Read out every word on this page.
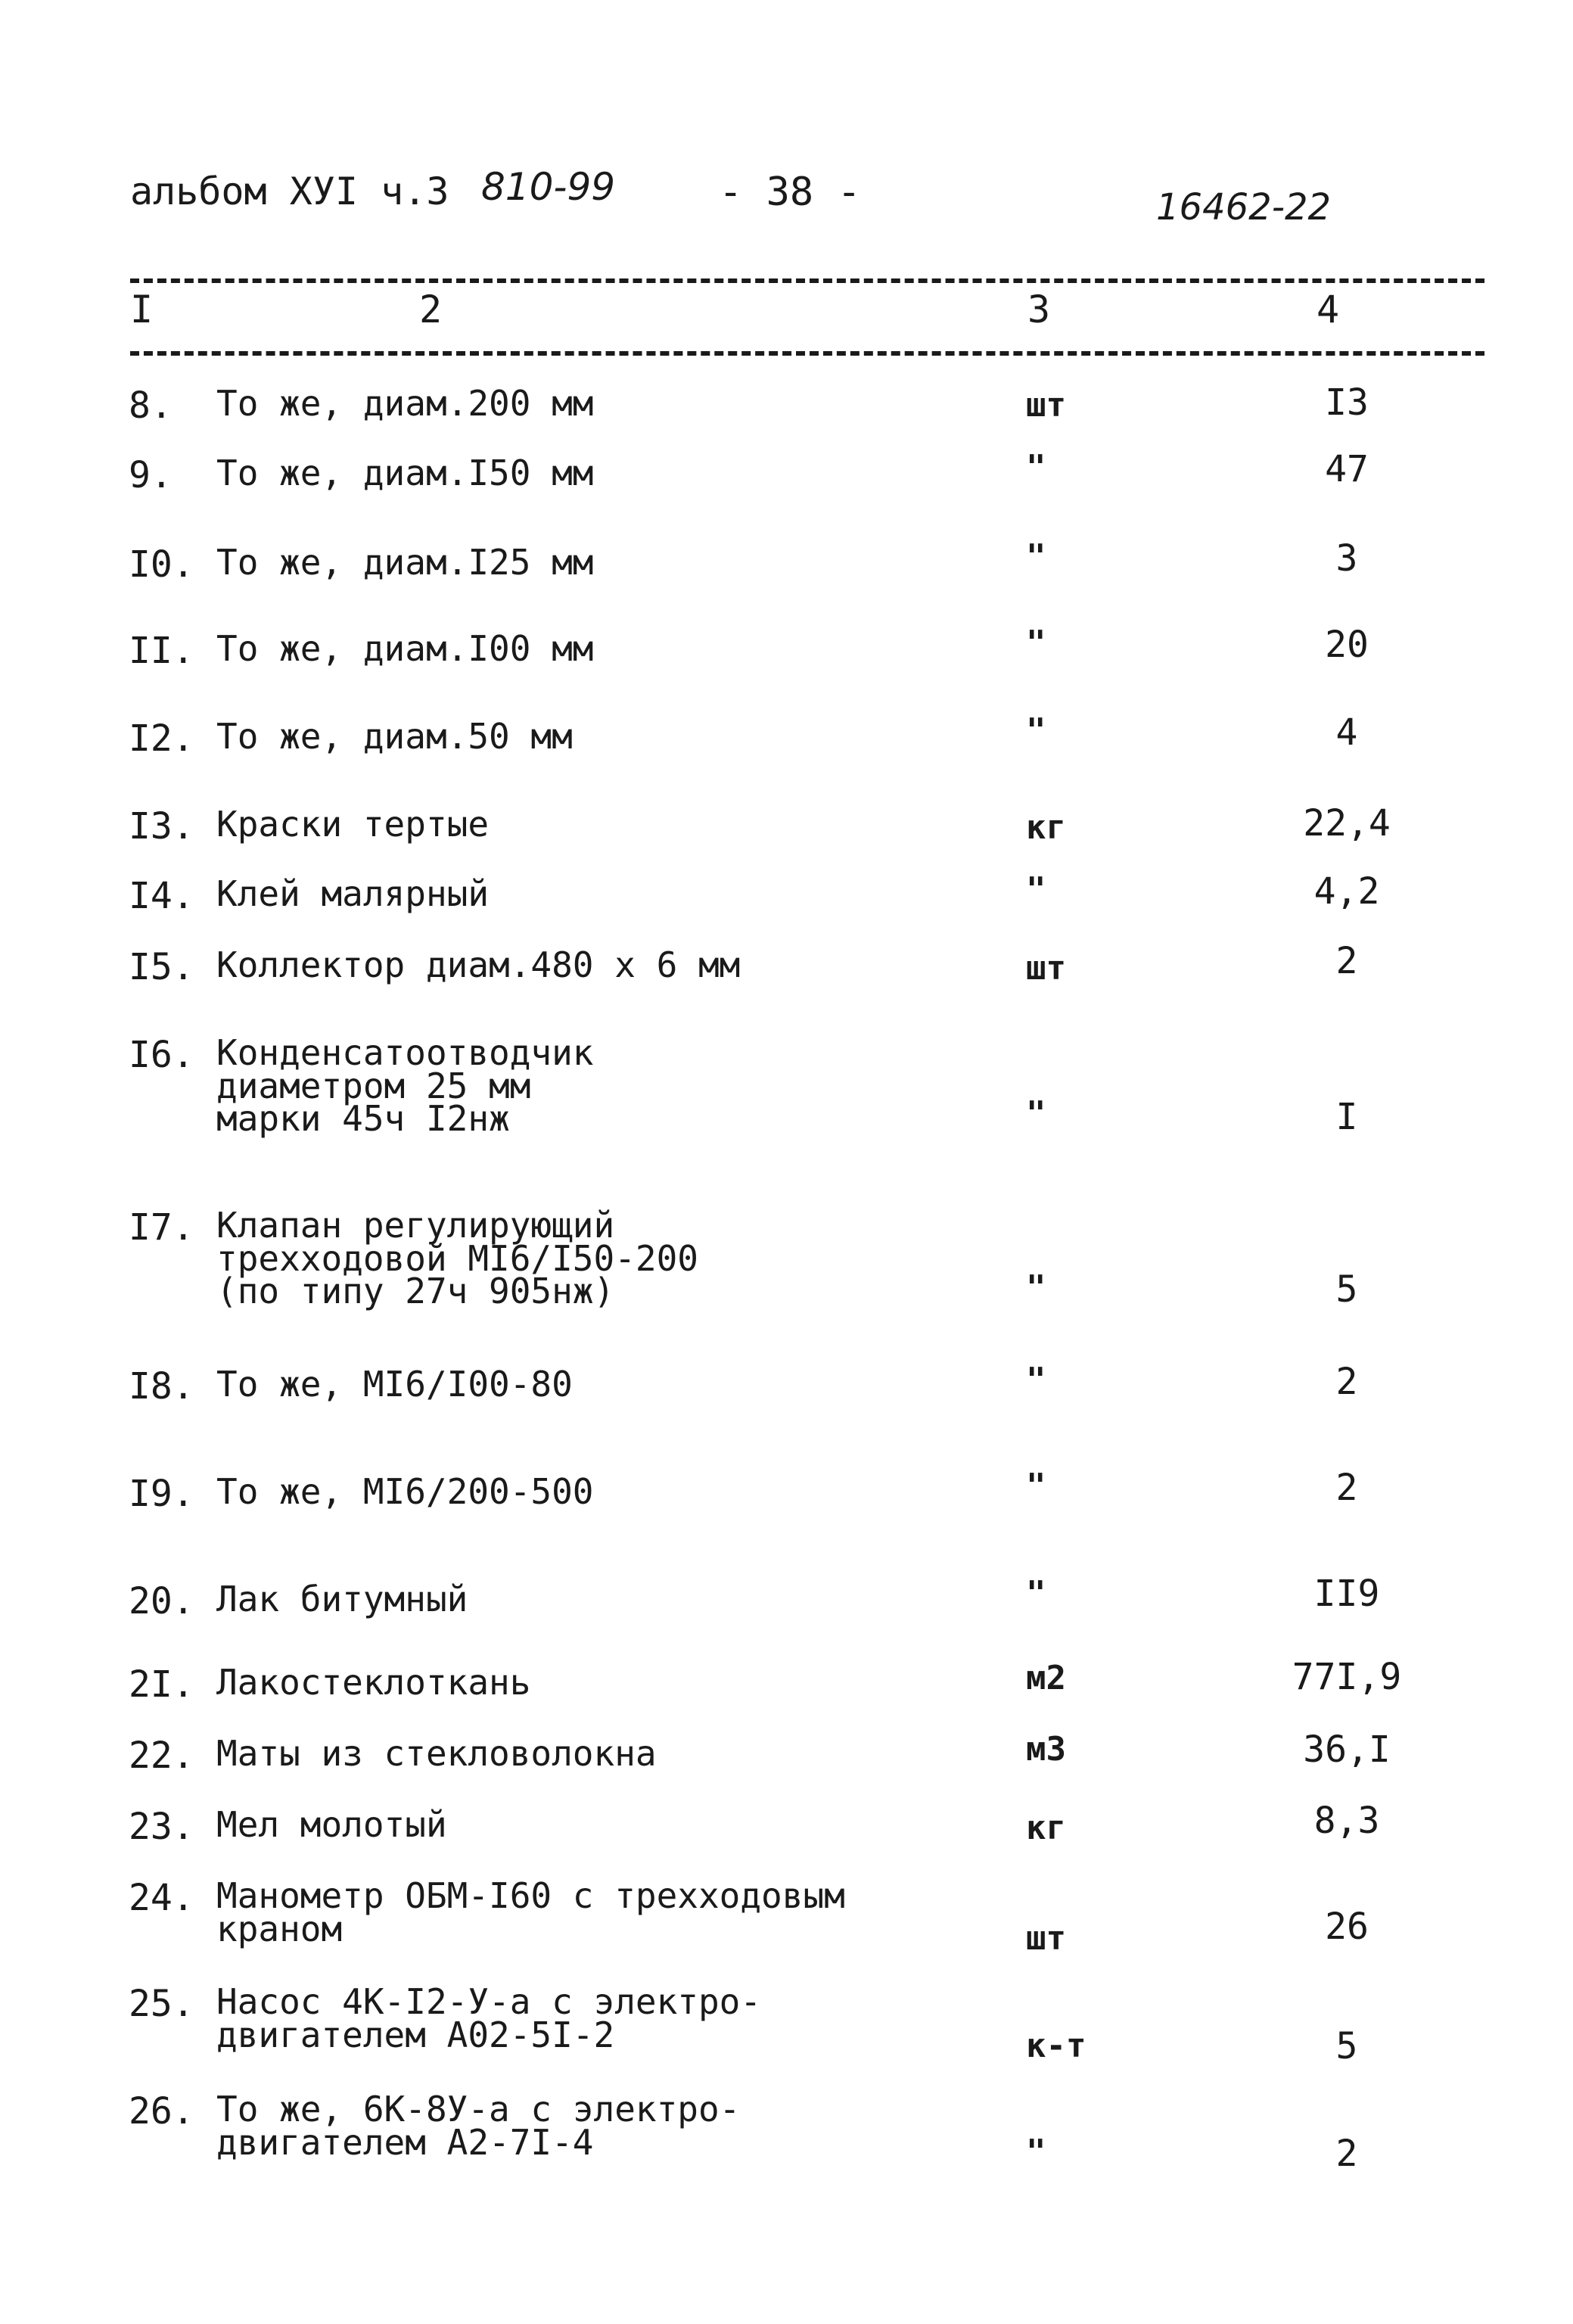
альбом ХУI ч.3 810-99	- 38 -	16462-22
I	2	3	4
8. То же, диам.200 мм	шт	I3
9. То же, диам.I50 мм	"	47
I0. То же, диам.I25 мм	"	3
II. То же, диам.I00 мм	"	20
I2. То же, диам.50 мм	"	4
I3. Краски тертые	кг	22,4
I4. Клей малярный	"	4,2
I5. Коллектор диам.480 х 6 мм	шт	2
I6. Конденсатоотводчик
диаметром 25 мм
марки 45ч I2нж	"	I
I7. Клапан регулирующий
трехходовой МI6/I50-200
(по типу 27ч 905нж)	"	5
I8. То же, МI6/I00-80	"	2
I9. То же, МI6/200-500	"	2
20. Лак битумный	"	II9
2I. Лакостеклоткань	м2	77I,9
22. Маты из стекловолокна	м3	36,I
23. Мел молотый	кг	8,3
24. Манометр ОБМ-I60 с трехходовым
краном	шт	26
25. Насос 4К-I2-У-а с электро-
двигателем А02-5I-2	к-т	5
26. То же, 6К-8У-а с электро-
двигателем А2-7I-4	"	2
